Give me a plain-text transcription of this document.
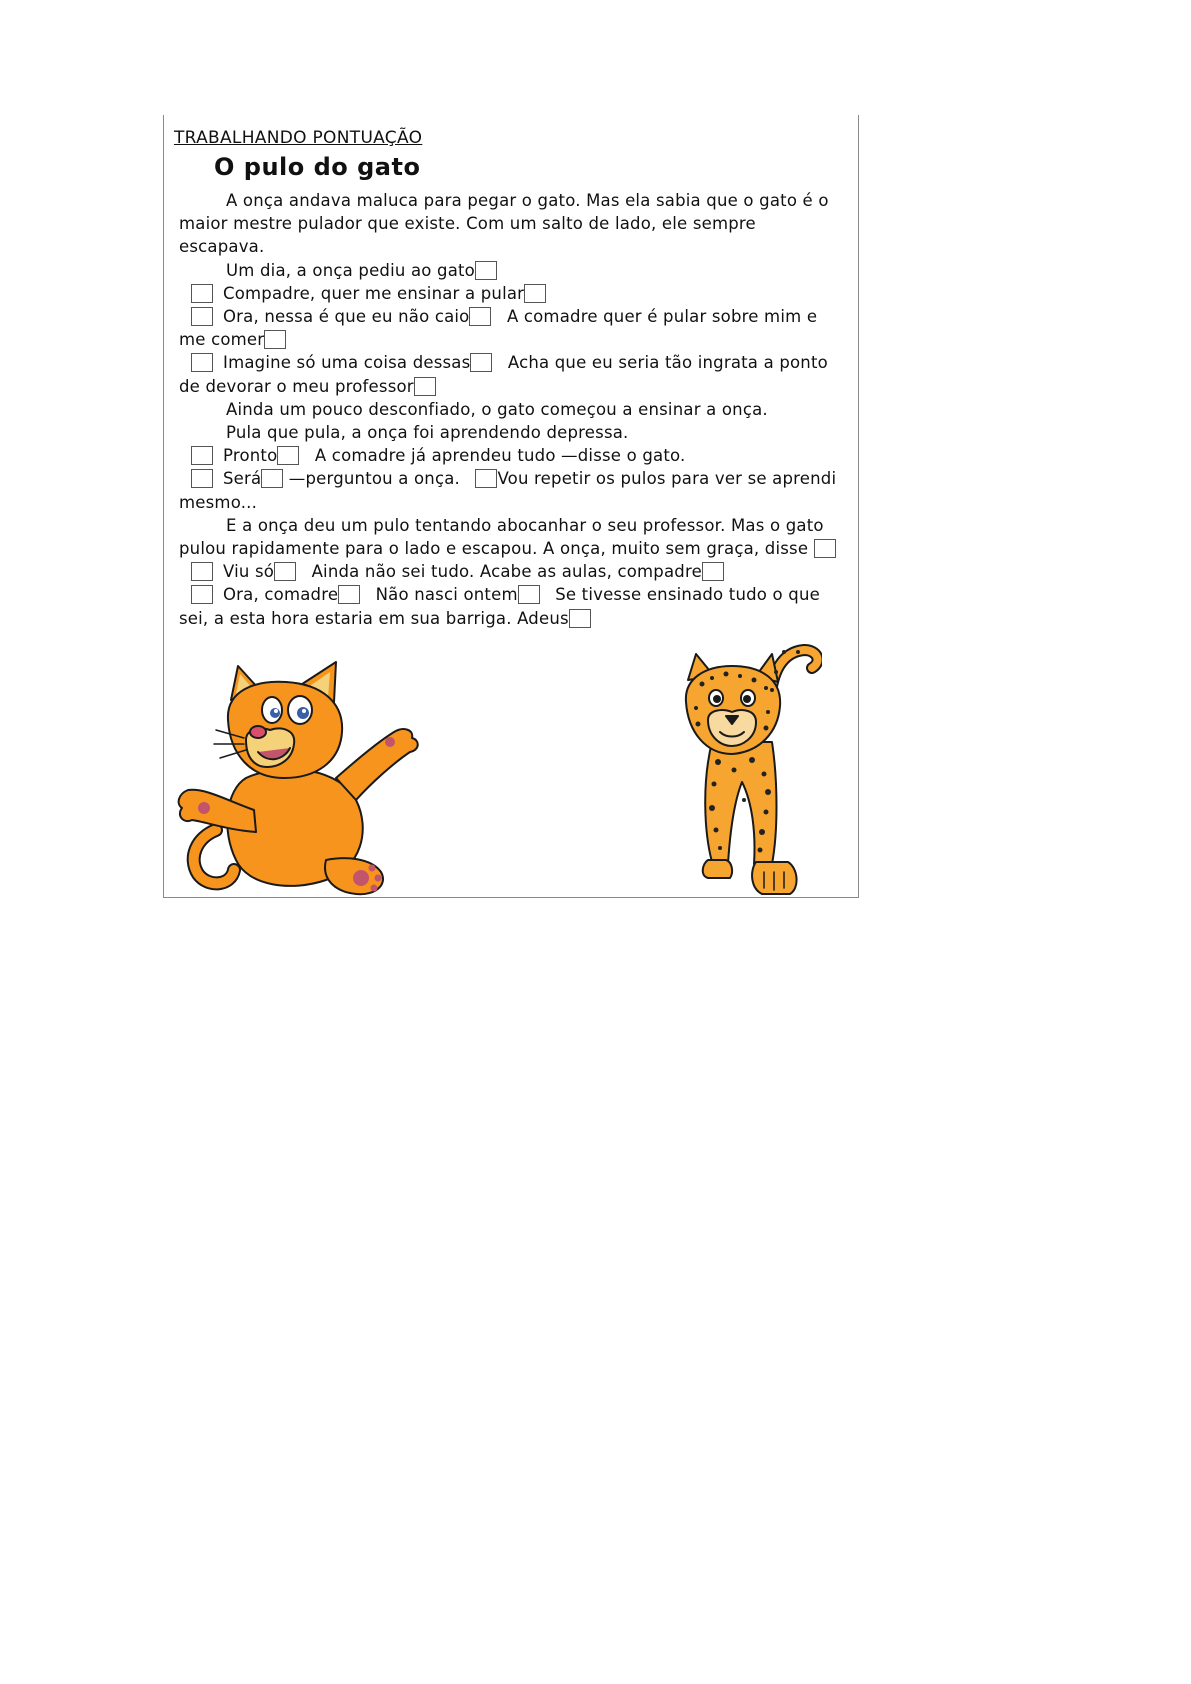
TRABALHANDO PONTUAÇÃO
O pulo do gato

A onça andava maluca para pegar o gato. Mas ela sabia que o gato é o maior mestre pulador que existe. Com um salto de lado, ele sempre escapava.

Um dia, a onça pediu ao gato

Compadre, quer me ensinar a pular

Ora, nessa é que eu não caio A comadre quer é pular sobre mim e me comer

Imagine só uma coisa dessas Acha que eu seria tão ingrata a ponto de devorar o meu professor

Ainda um pouco desconfiado, o gato começou a ensinar a onça.

Pula que pula, a onça foi aprendendo depressa.

Pronto A comadre já aprendeu tudo —disse o gato.

Será —perguntou a onça. Vou repetir os pulos para ver se aprendi mesmo...

E a onça deu um pulo tentando abocanhar o seu professor. Mas o gato pulou rapidamente para o lado e escapou. A onça, muito sem graça, disse

Viu só Ainda não sei tudo. Acabe as aulas, compadre

Ora, comadre Não nasci ontem Se tivesse ensinado tudo o que sei, a esta hora estaria em sua barriga. Adeus
